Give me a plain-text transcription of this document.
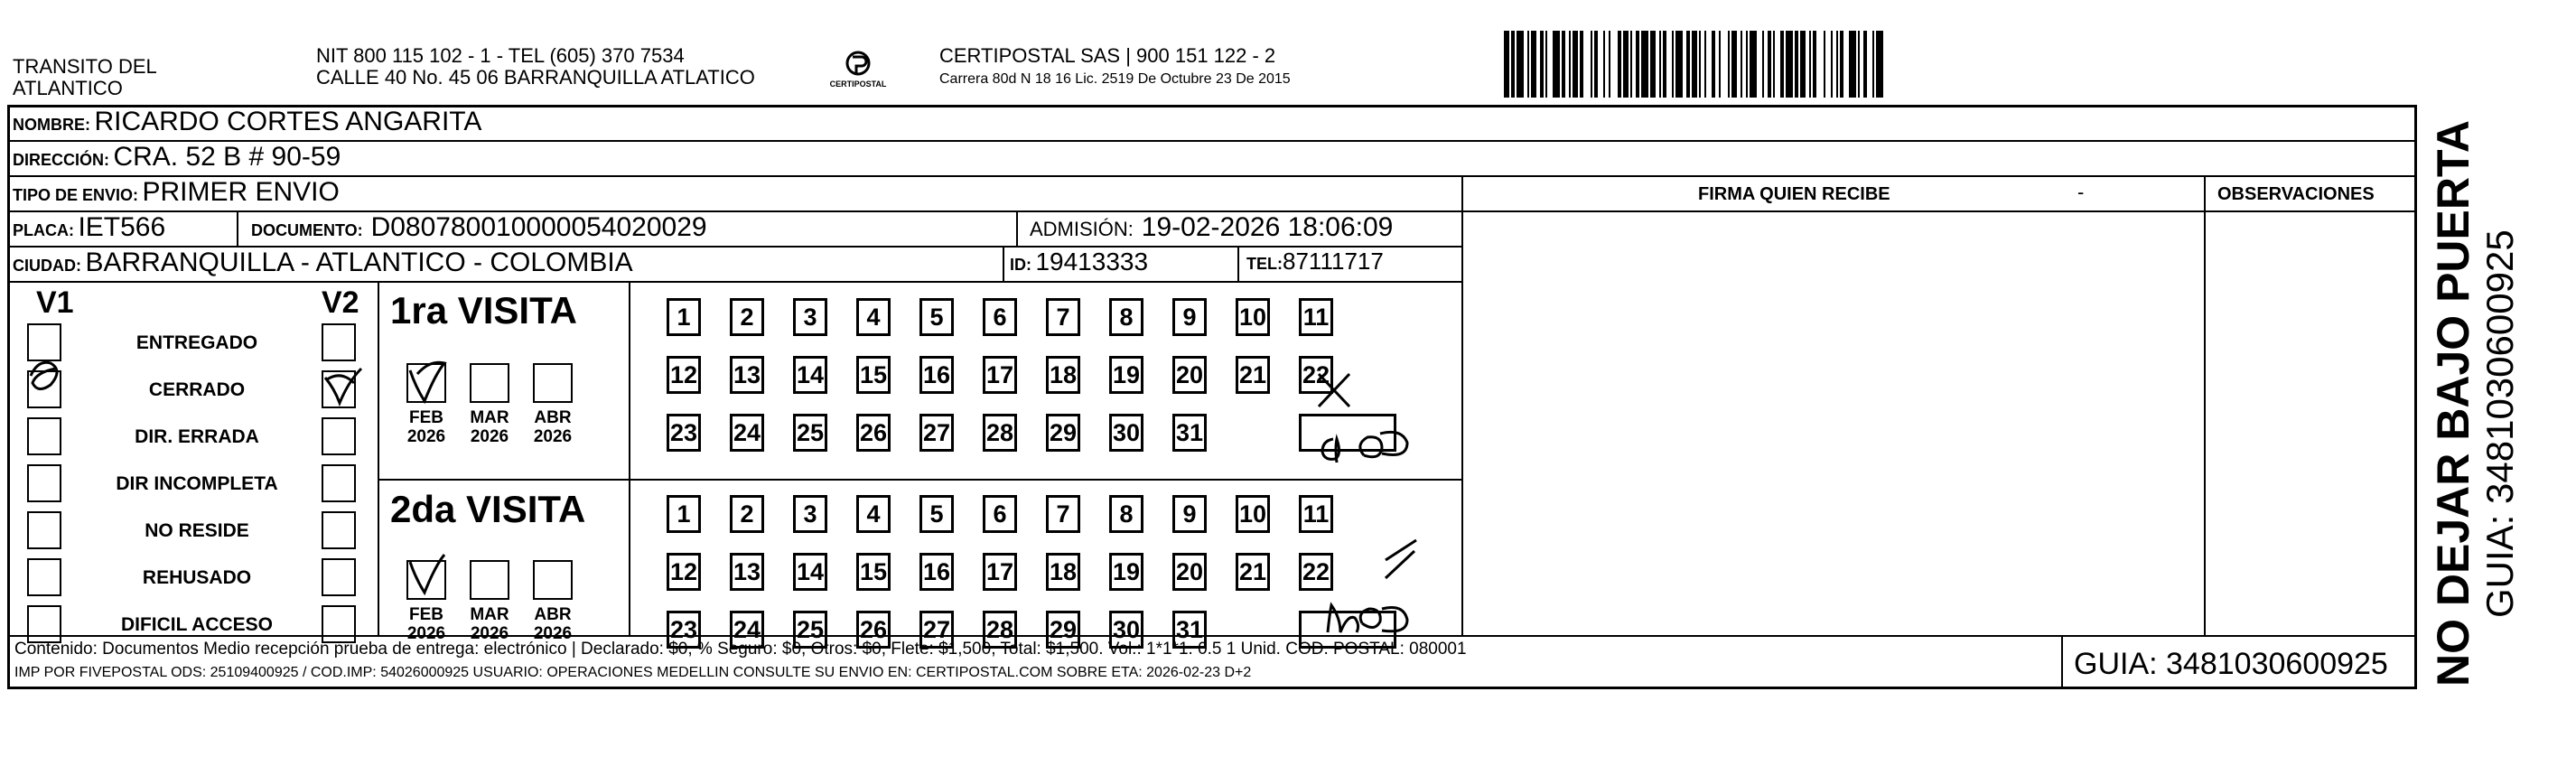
TRANSITO DEL
ATLANTICO
NIT 800 115 102 - 1 - TEL (605) 370 7534
CALLE 40 No. 45 06 BARRANQUILLA ATLATICO	CERTIPOSTAL
CERTIPOSTAL SAS | 900 151 122 - 2
Carrera 80d N 18 16 Lic. 2519 De Octubre 23 De 2015
NOMBRE:
RICARDO CORTES ANGARITA
DIRECCIÓN:
CRA. 52 B # 90-59
TIPO DE ENVIO:
PRIMER ENVIO
PLACA:
IET566	DOCUMENTO:
D080780010000054020029	ADMISIÓN:
19-02-2026 18:06:09
CIUDAD:
BARRANQUILLA - ATLANTICO - COLOMBIA	ID:
19413333	TEL: 87111717
FIRMA QUIEN RECIBE	-	OBSERVACIONES
V1	V2
ENTREGADO
CERRADO
DIR. ERRADA
DIR INCOMPLETA
NO RESIDE
REHUSADO
DIFICIL ACCESO
1ra VISITA
2da VISITA
1	2	3	4	5	6	7	8	9	10 11
12 13 14 15 16 17 18 19 20 21 22
23 24 25 26 27 28 29 30 31
FEB
2026
MAR
2026
ABR
2026
1	2	3	4	5	6	7	8	9	10 11
12 13 14 15 16 17 18 19 20 21 22
23 24 25 26 27 28 29 30 31
FEB
2026
MAR
2026
ABR
2026
Contenido: Documentos Medio recepción prueba de entrega: electrónico | Declarado: $0, % Seguro: $0, Otros: $0, Flete: $1,500, Total: $1,500. Vol.: 1*1*1. 0.5 1 Unid. COD. POSTAL: 080001
IMP POR FIVEPOSTAL ODS: 25109400925 / COD.IMP: 54026000925 USUARIO: OPERACIONES MEDELLIN CONSULTE SU ENVIO EN: CERTIPOSTAL.COM SOBRE ETA: 2026-02-23 D+2	GUIA: 3481030600925 NO DEJAR BAJO PUERTA GUIA: 3481030600925
